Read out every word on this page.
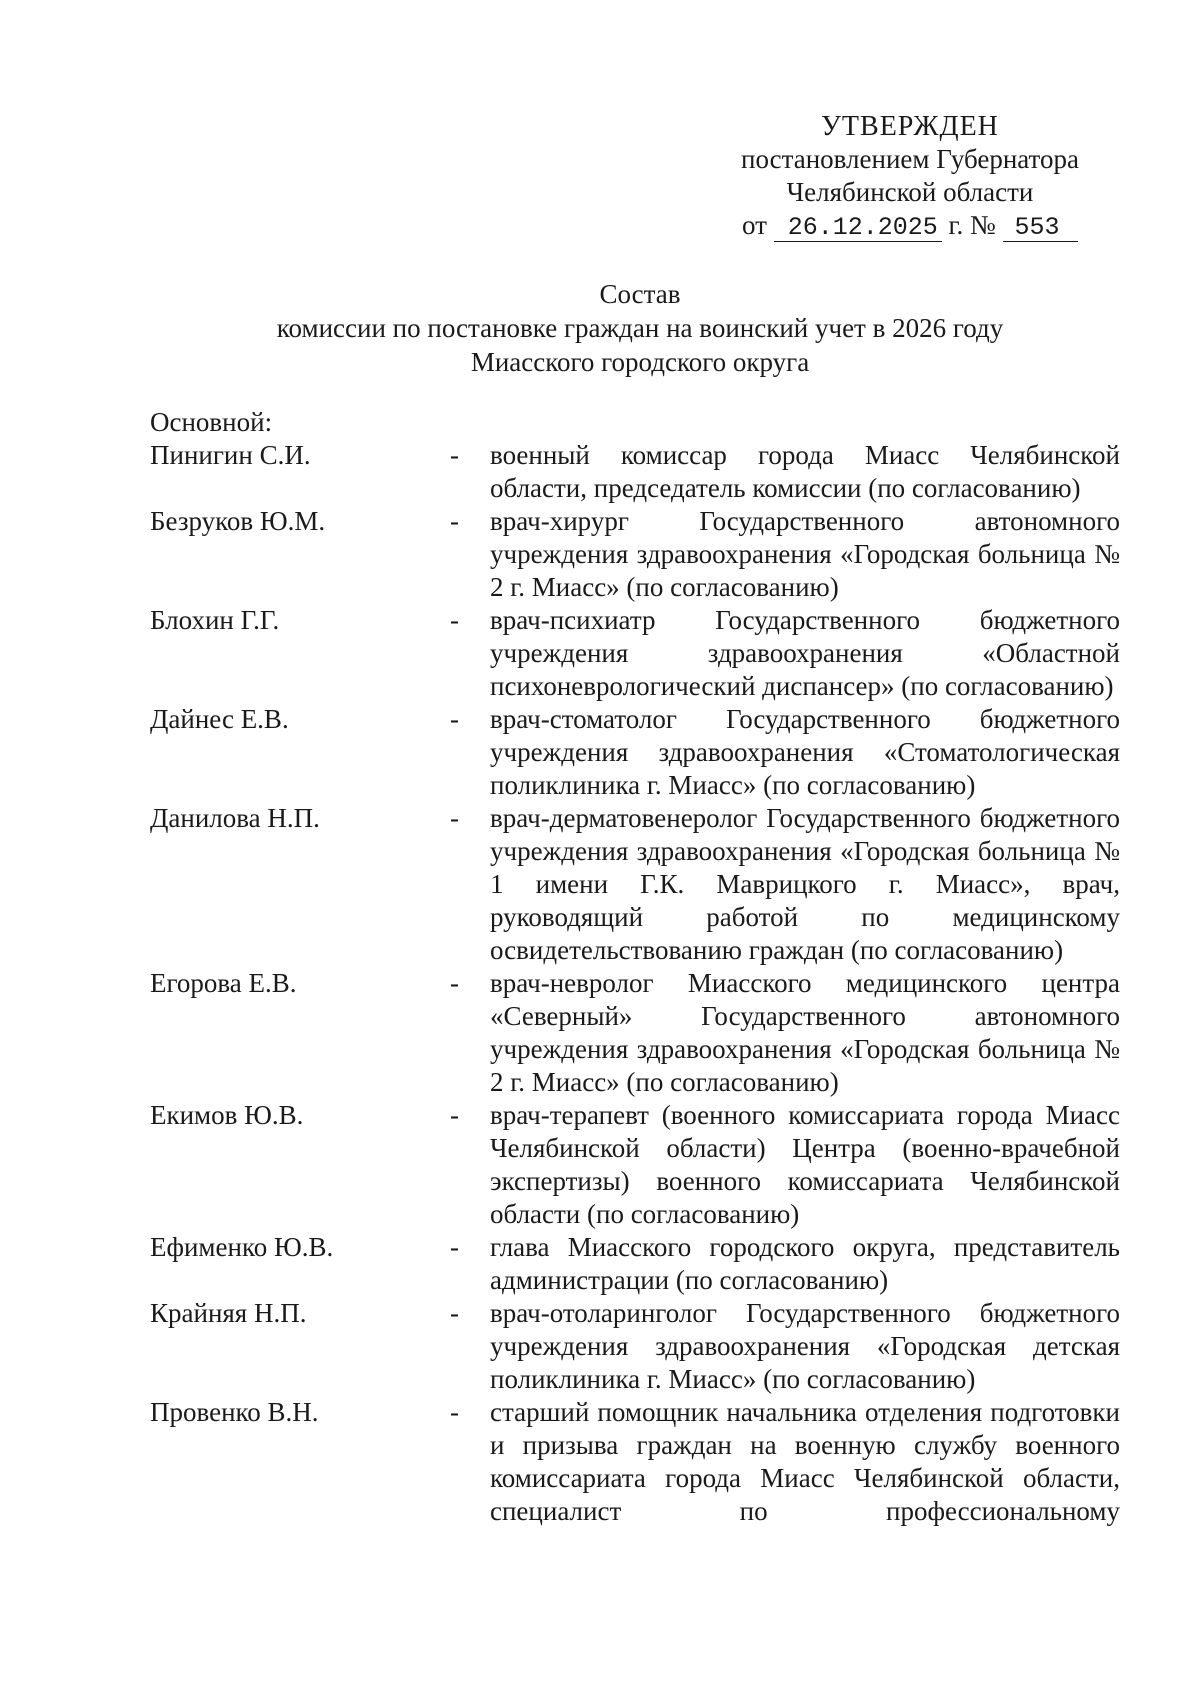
УТВЕРЖДЕН
постановлением Губернатора
Челябинской области
от 26.12.2025 г. № 553
Состав
комиссии по постановке граждан на воинский учет в 2026 году
Миасского городского округа
Основной:
Пинигин С.И.	-	военный комиссар города Миасс Челябинской области, председатель комиссии (по согласованию)
Безруков Ю.М.	-	врач-хирург Государственного автономного учреждения здравоохранения «Городская больница № 2 г. Миасс» (по согласованию)
Блохин Г.Г.	-	врач-психиатр Государственного бюджетного учреждения здравоохранения «Областной психоневрологический диспансер» (по согласованию)
Дайнес Е.В.	-	врач-стоматолог Государственного бюджетного учреждения здравоохранения «Стоматологическая поликлиника г. Миасс» (по согласованию)
Данилова Н.П.	-	врач-дерматовенеролог Государственного бюджетного учреждения здравоохранения «Городская больница № 1 имени Г.К. Маврицкого г. Миасс», врач, руководящий работой по медицинскому освидетельствованию граждан (по согласованию)
Егорова Е.В.	-	врач-невролог Миасского медицинского центра «Северный» Государственного автономного учреждения здравоохранения «Городская больница № 2 г. Миасс» (по согласованию)
Екимов Ю.В.	-	врач-терапевт (военного комиссариата города Миасс Челябинской области) Центра (военно-врачебной экспертизы) военного комиссариата Челябинской области (по согласованию)
Ефименко Ю.В.	-	глава Миасского городского округа, представитель администрации (по согласованию)
Крайняя Н.П.	-	врач-отоларинголог Государственного бюджетного учреждения здравоохранения «Городская детская поликлиника г. Миасс» (по согласованию)
Провенко В.Н.	-	старший помощник начальника отделения подготовки и призыва граждан на военную службу военного комиссариата города Миасс Челябинской области, специалист по профессиональному
